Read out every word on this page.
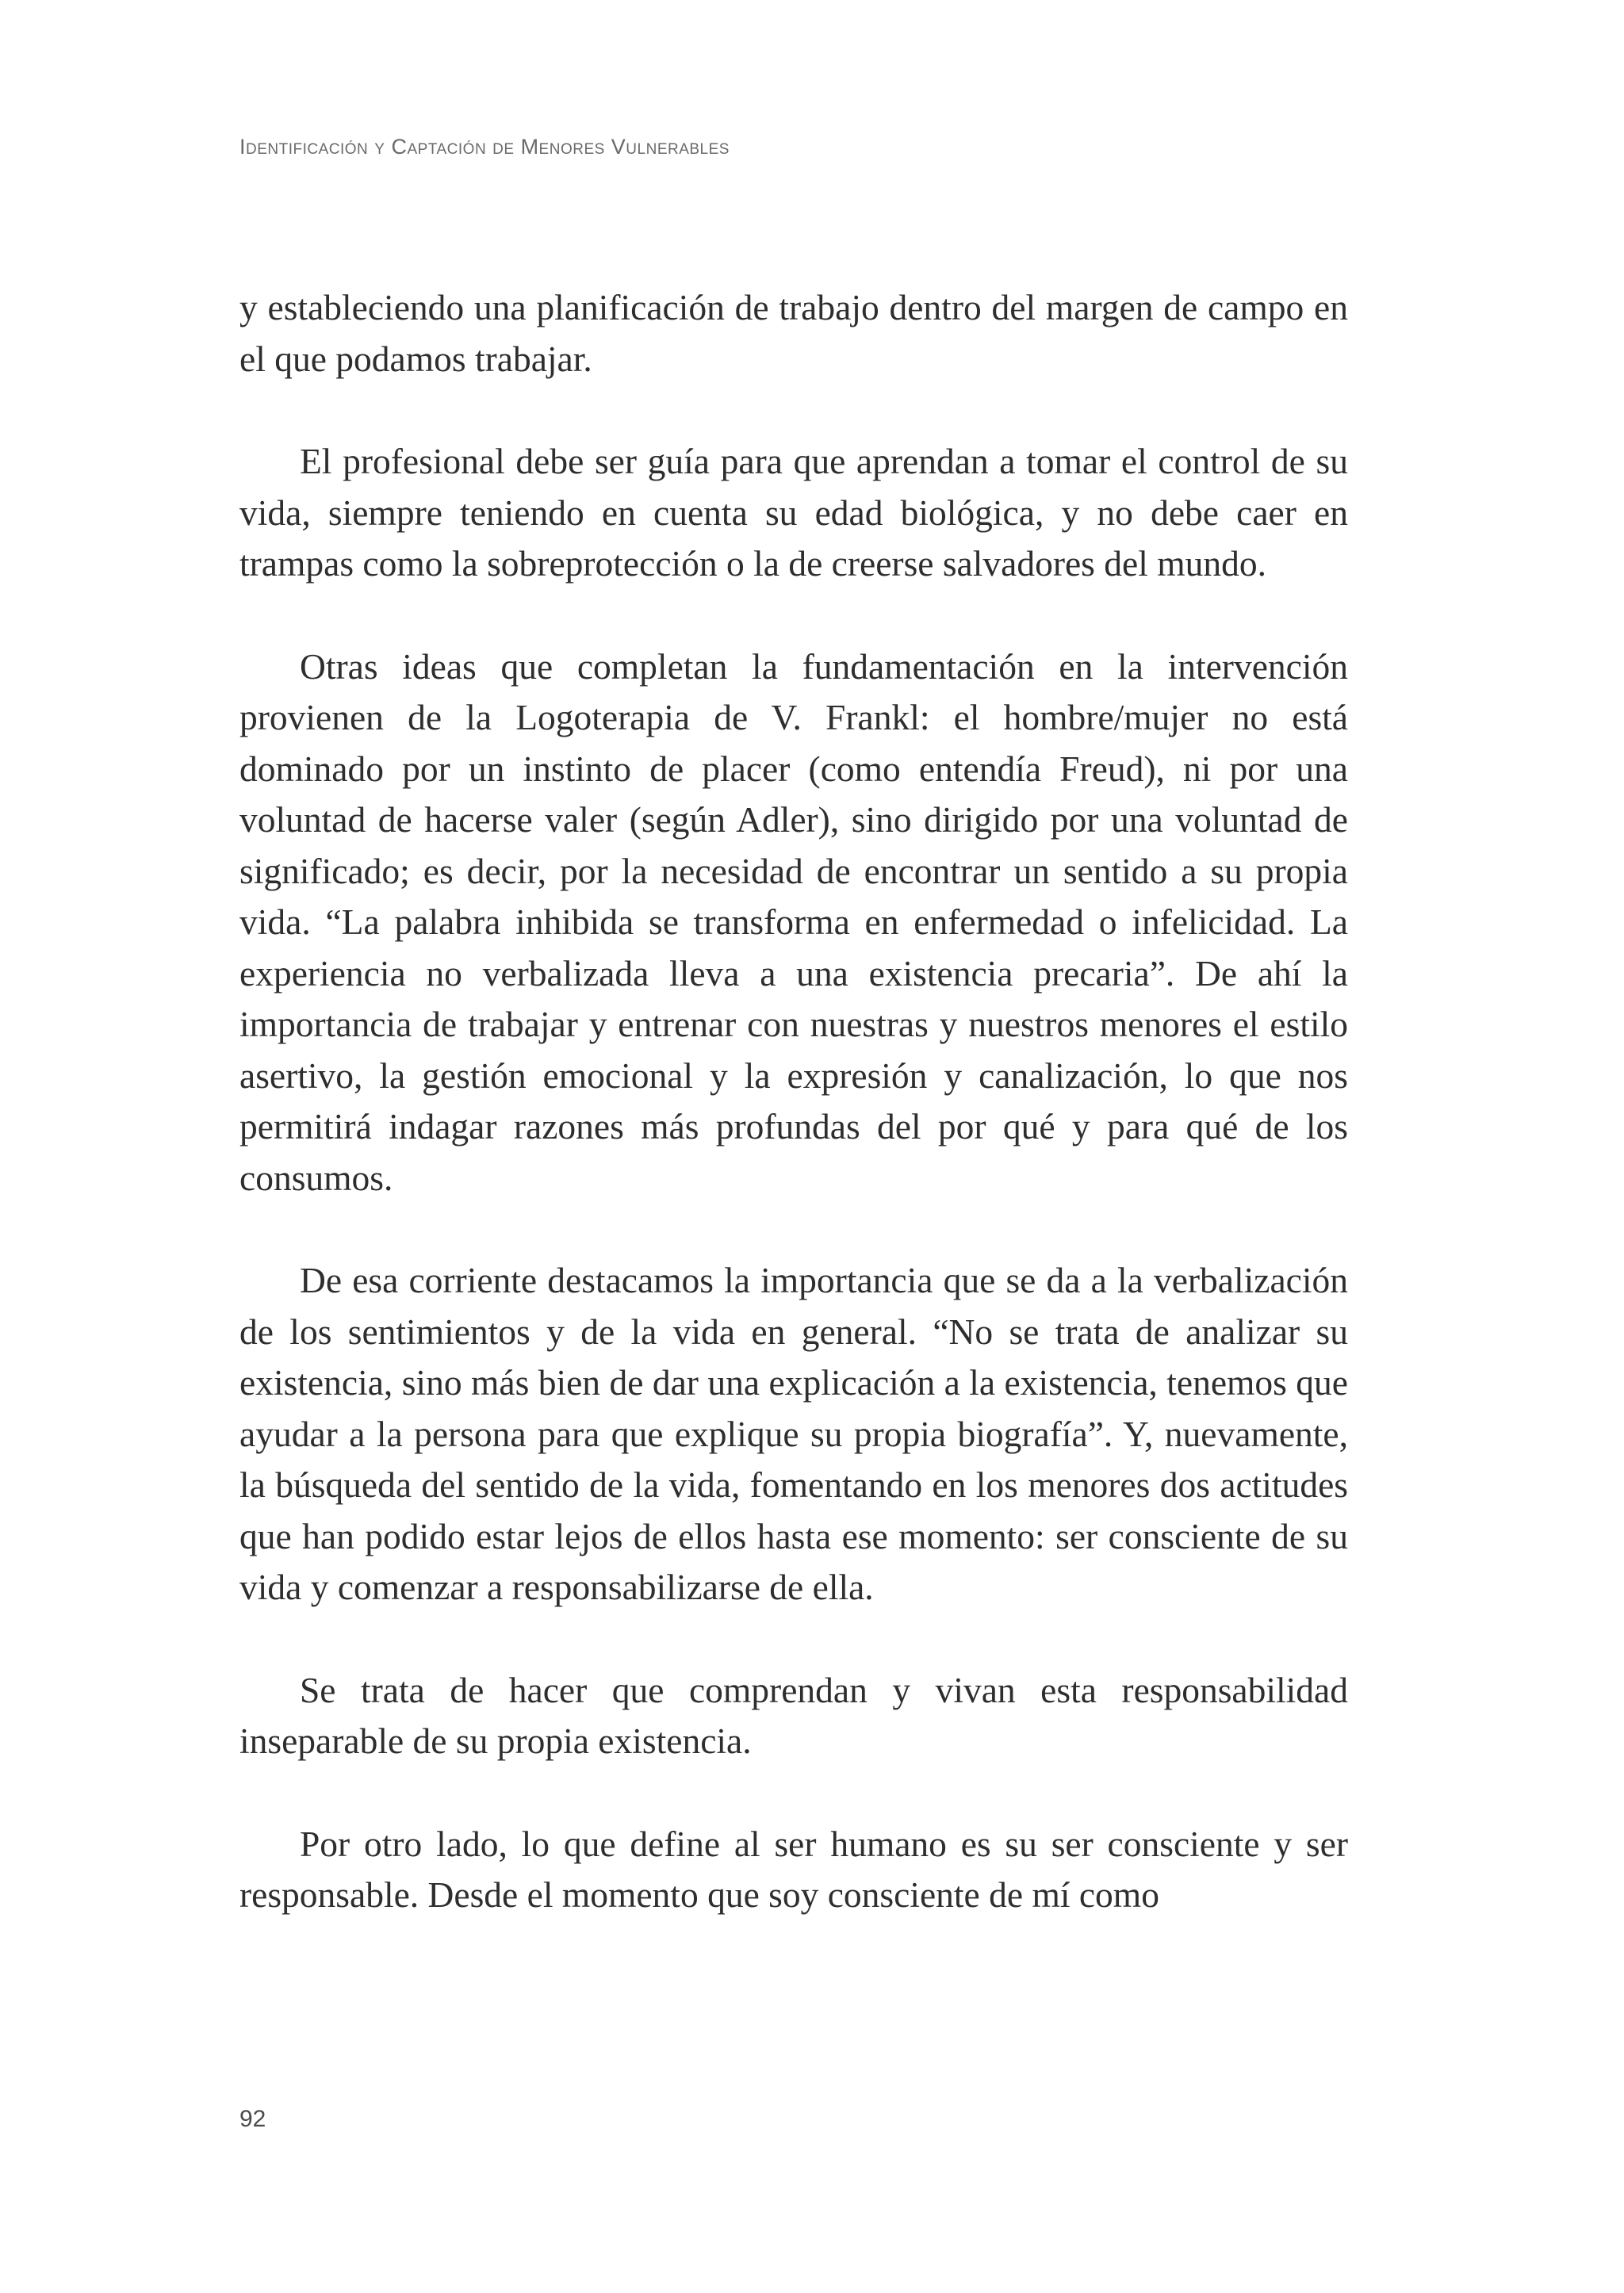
Identificación y Captación de Menores Vulnerables

y estableciendo una planificación de trabajo dentro del margen de campo en el que podamos trabajar.

El profesional debe ser guía para que aprendan a tomar el control de su vida, siempre teniendo en cuenta su edad biológica, y no debe caer en trampas como la sobreprotección o la de creerse salvadores del mundo.

Otras ideas que completan la fundamentación en la intervención provienen de la Logoterapia de V. Frankl: el hombre/mujer no está dominado por un instinto de placer (como entendía Freud), ni por una voluntad de hacerse valer (según Adler), sino dirigido por una voluntad de significado; es decir, por la necesidad de encontrar un sentido a su propia vida. “La palabra inhibida se transforma en enfermedad o infelicidad. La experiencia no verbalizada lleva a una existencia precaria”. De ahí la importancia de trabajar y entrenar con nuestras y nuestros menores el estilo asertivo, la gestión emocional y la expresión y canalización, lo que nos permitirá indagar razones más profundas del por qué y para qué de los consumos.

De esa corriente destacamos la importancia que se da a la verbalización de los sentimientos y de la vida en general. “No se trata de analizar su existencia, sino más bien de dar una explicación a la existencia, tenemos que ayudar a la persona para que explique su propia biografía”. Y, nuevamente, la búsqueda del sentido de la vida, fomentando en los menores dos actitudes que han podido estar lejos de ellos hasta ese momento: ser consciente de su vida y comenzar a responsabilizarse de ella.

Se trata de hacer que comprendan y vivan esta responsabilidad inseparable de su propia existencia.

Por otro lado, lo que define al ser humano es su ser consciente y ser responsable. Desde el momento que soy consciente de mí como

92
